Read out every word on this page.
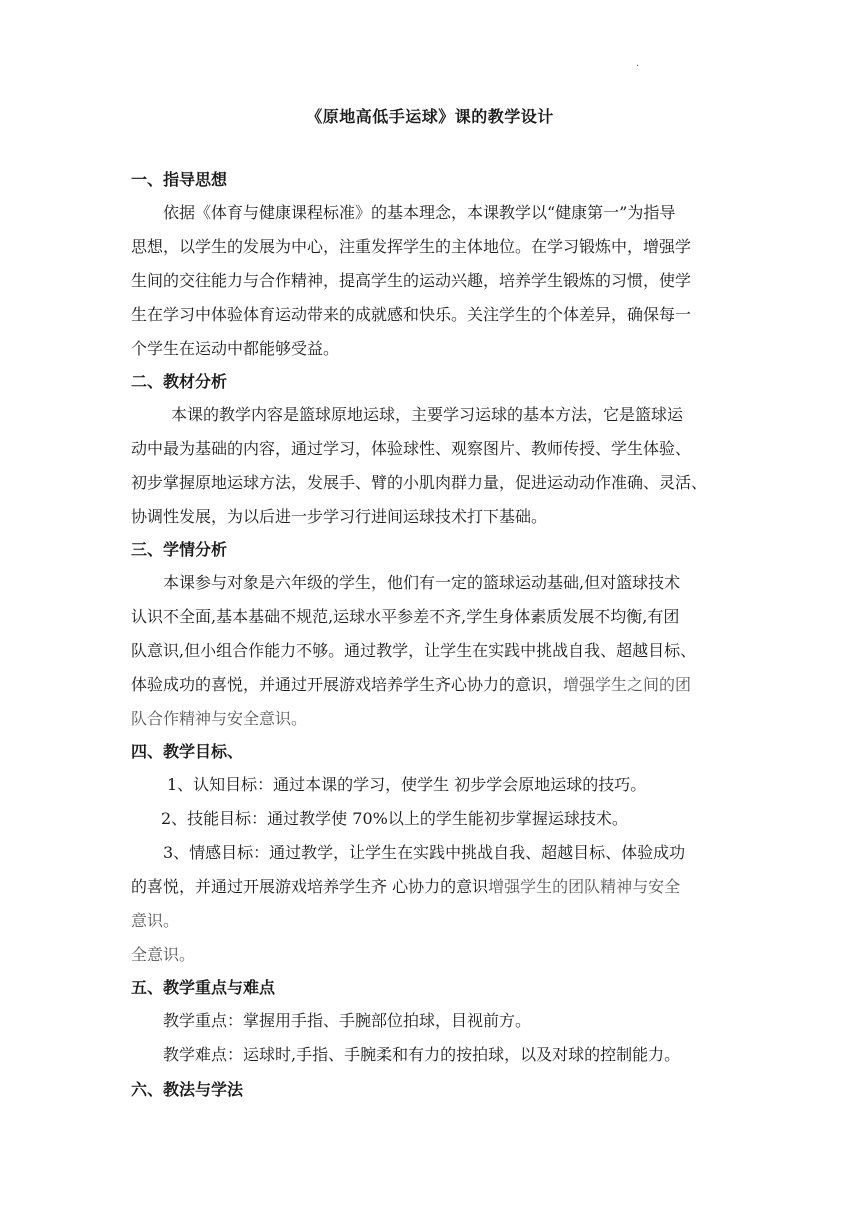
.
《原地高低手运球》课的教学设计
一、指导思想
依据《体育与健康课程标准》的基本理念，本课教学以“健康第一”为指导
思想，以学生的发展为中心，注重发挥学生的主体地位。在学习锻炼中，增强学
生间的交往能力与合作精神，提高学生的运动兴趣，培养学生锻炼的习惯，使学
生在学习中体验体育运动带来的成就感和快乐。关注学生的个体差异，确保每一
个学生在运动中都能够受益。
二、教材分析
本课的教学内容是篮球原地运球，主要学习运球的基本方法，它是篮球运
动中最为基础的内容，通过学习，体验球性、观察图片、教师传授、学生体验、
初步掌握原地运球方法，发展手、臂的小肌肉群力量，促进运动动作准确、灵活、
协调性发展，为以后进一步学习行进间运球技术打下基础。
三、学情分析
本课参与对象是六年级的学生，他们有一定的篮球运动基础,但对篮球技术
认识不全面,基本基础不规范,运球水平参差不齐,学生身体素质发展不均衡,有团
队意识,但小组合作能力不够。通过教学，让学生在实践中挑战自我、超越目标、
体验成功的喜悦，并通过开展游戏培养学生齐心协力的意识，增强学生之间的团
队合作精神与安全意识。
四、教学目标、
1、认知目标：通过本课的学习，使学生 初步学会原地运球的技巧。
2、技能目标：通过教学使 70%以上的学生能初步掌握运球技术。
3、情感目标：通过教学，让学生在实践中挑战自我、超越目标、体验成功
的喜悦，并通过开展游戏培养学生齐 心协力的意识增强学生的团队精神与安全
意识。
全意识。
五、教学重点与难点
教学重点：掌握用手指、手腕部位拍球，目视前方。
教学难点：运球时,手指、手腕柔和有力的按拍球，以及对球的控制能力。
六、教法与学法
